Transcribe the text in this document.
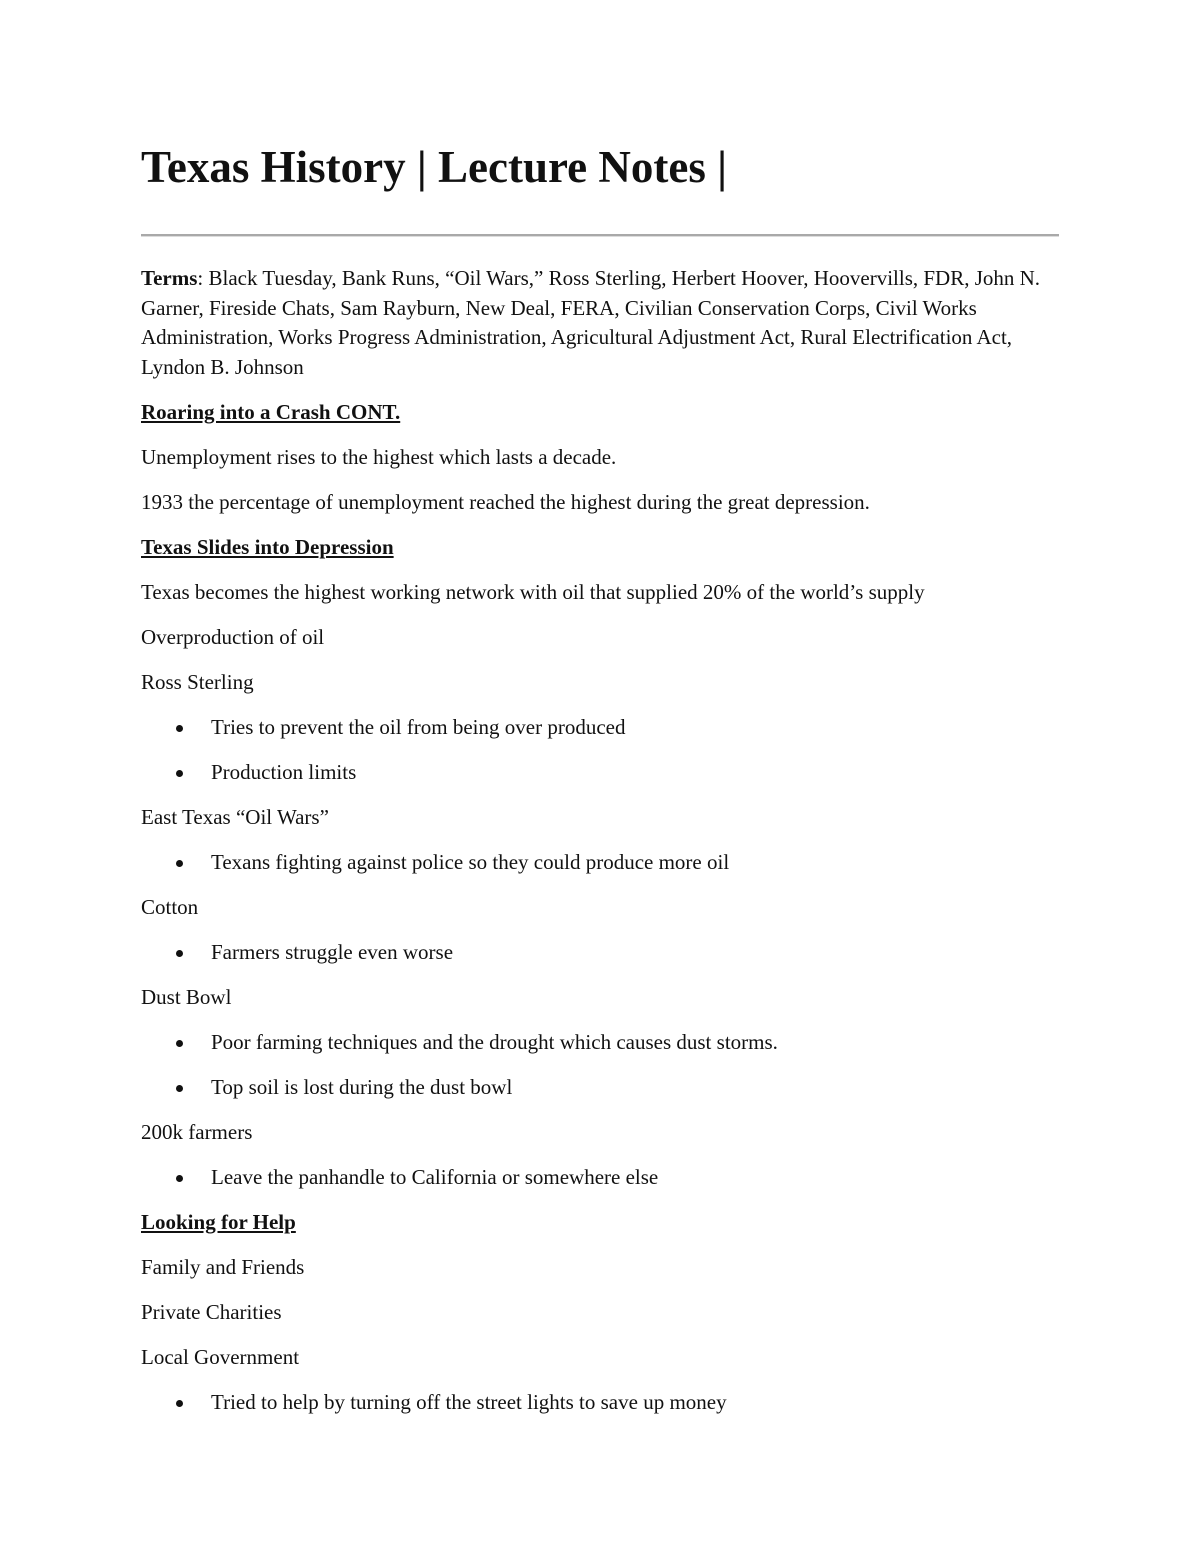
Texas History | Lecture Notes |

Terms: Black Tuesday, Bank Runs, “Oil Wars,” Ross Sterling, Herbert Hoover, Hoovervills, FDR, John N. Garner, Fireside Chats, Sam Rayburn, New Deal, FERA, Civilian Conservation Corps, Civil Works Administration, Works Progress Administration, Agricultural Adjustment Act, Rural Electrification Act, Lyndon B. Johnson

Roaring into a Crash CONT.

Unemployment rises to the highest which lasts a decade.

1933 the percentage of unemployment reached the highest during the great depression.

Texas Slides into Depression

Texas becomes the highest working network with oil that supplied 20% of the world’s supply

Overproduction of oil

Ross Sterling

Tries to prevent the oil from being over produced
Production limits

East Texas “Oil Wars”

Texans fighting against police so they could produce more oil

Cotton

Farmers struggle even worse

Dust Bowl

Poor farming techniques and the drought which causes dust storms.
Top soil is lost during the dust bowl

200k farmers

Leave the panhandle to California or somewhere else

Looking for Help

Family and Friends

Private Charities

Local Government

Tried to help by turning off the street lights to save up money
